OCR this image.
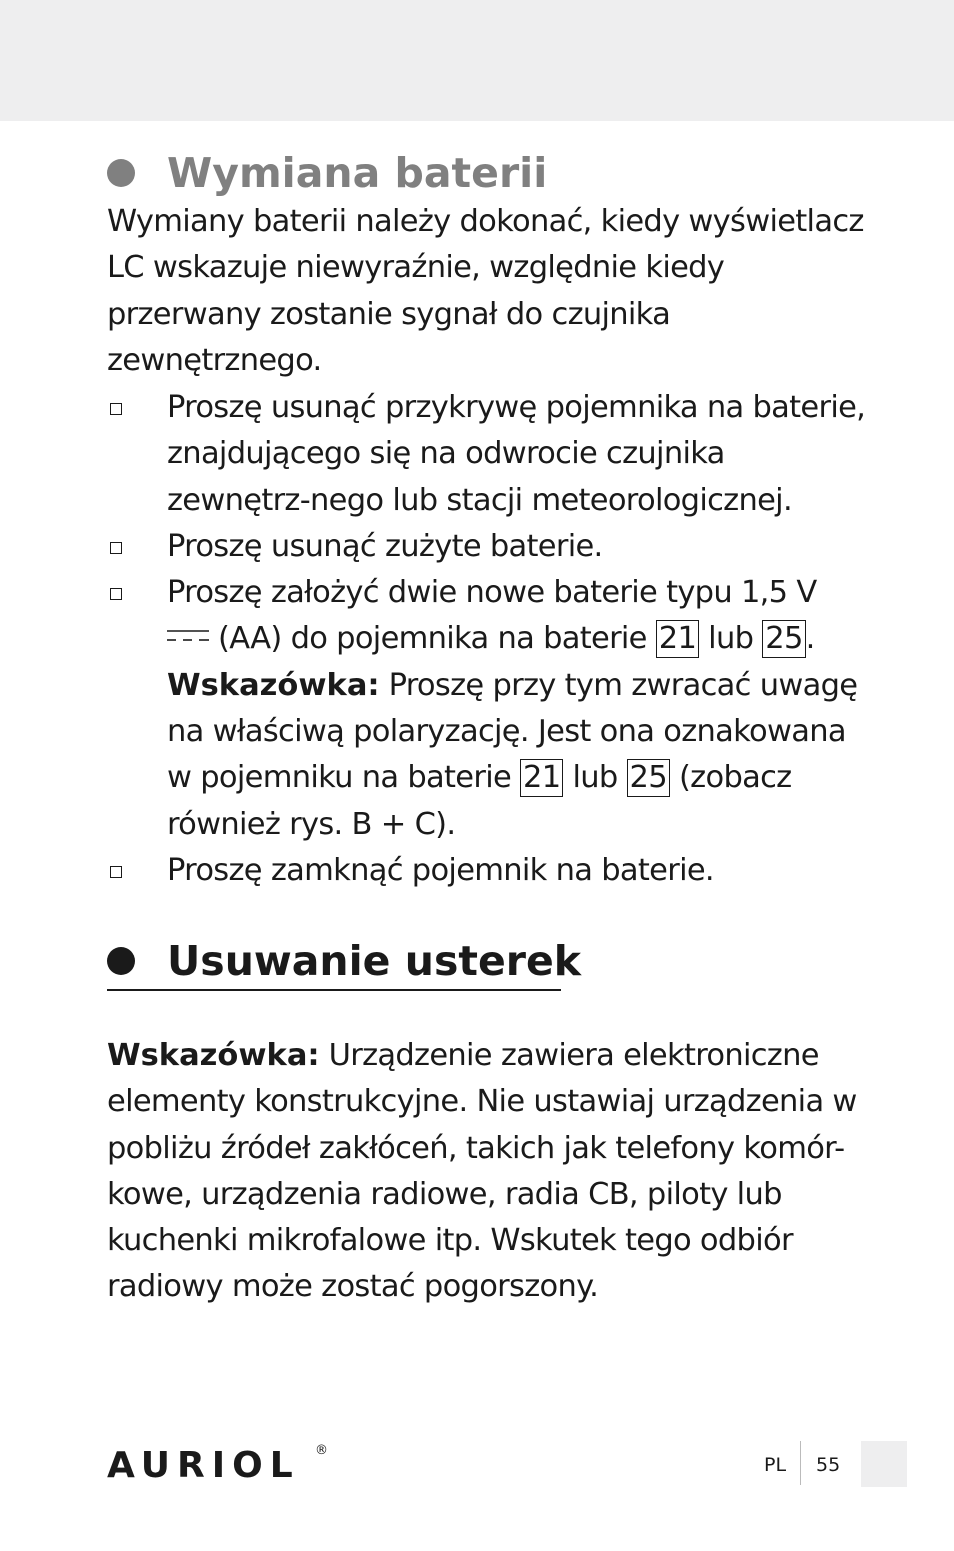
Wymiana baterii
Wymiany baterii należy dokonać, kiedy wyświetlacz LC wskazuje niewyraźnie, względnie kiedy przerwany zostanie sygnał do czujnika zewnętrznego.
Proszę usunąć przykrywę pojemnika na baterie, znajdującego się na odwrocie czujnika zewnętrz-nego lub stacji meteorologicznej.
Proszę usunąć zużyte baterie.
Proszę założyć dwie nowe baterie typu 1,5 V  (AA) do pojemnika na baterie 21 lub 25.
Wskazówka: Proszę przy tym zwracać uwagę na właściwą polaryzację. Jest ona oznakowana w pojemniku na baterie 21 lub 25 (zobacz również rys. B + C).
Proszę zamknąć pojemnik na baterie.
Usuwanie usterek
Wskazówka: Urządzenie zawiera elektroniczne elementy konstrukcyjne. Nie ustawiaj urządzenia w pobliżu źródeł zakłóceń, takich jak telefony komór-kowe, urządzenia radiowe, radia CB, piloty lub kuchenki mikrofalowe itp. Wskutek tego odbiór radiowy może zostać pogorszony.
AURIOL ®
PL 55
